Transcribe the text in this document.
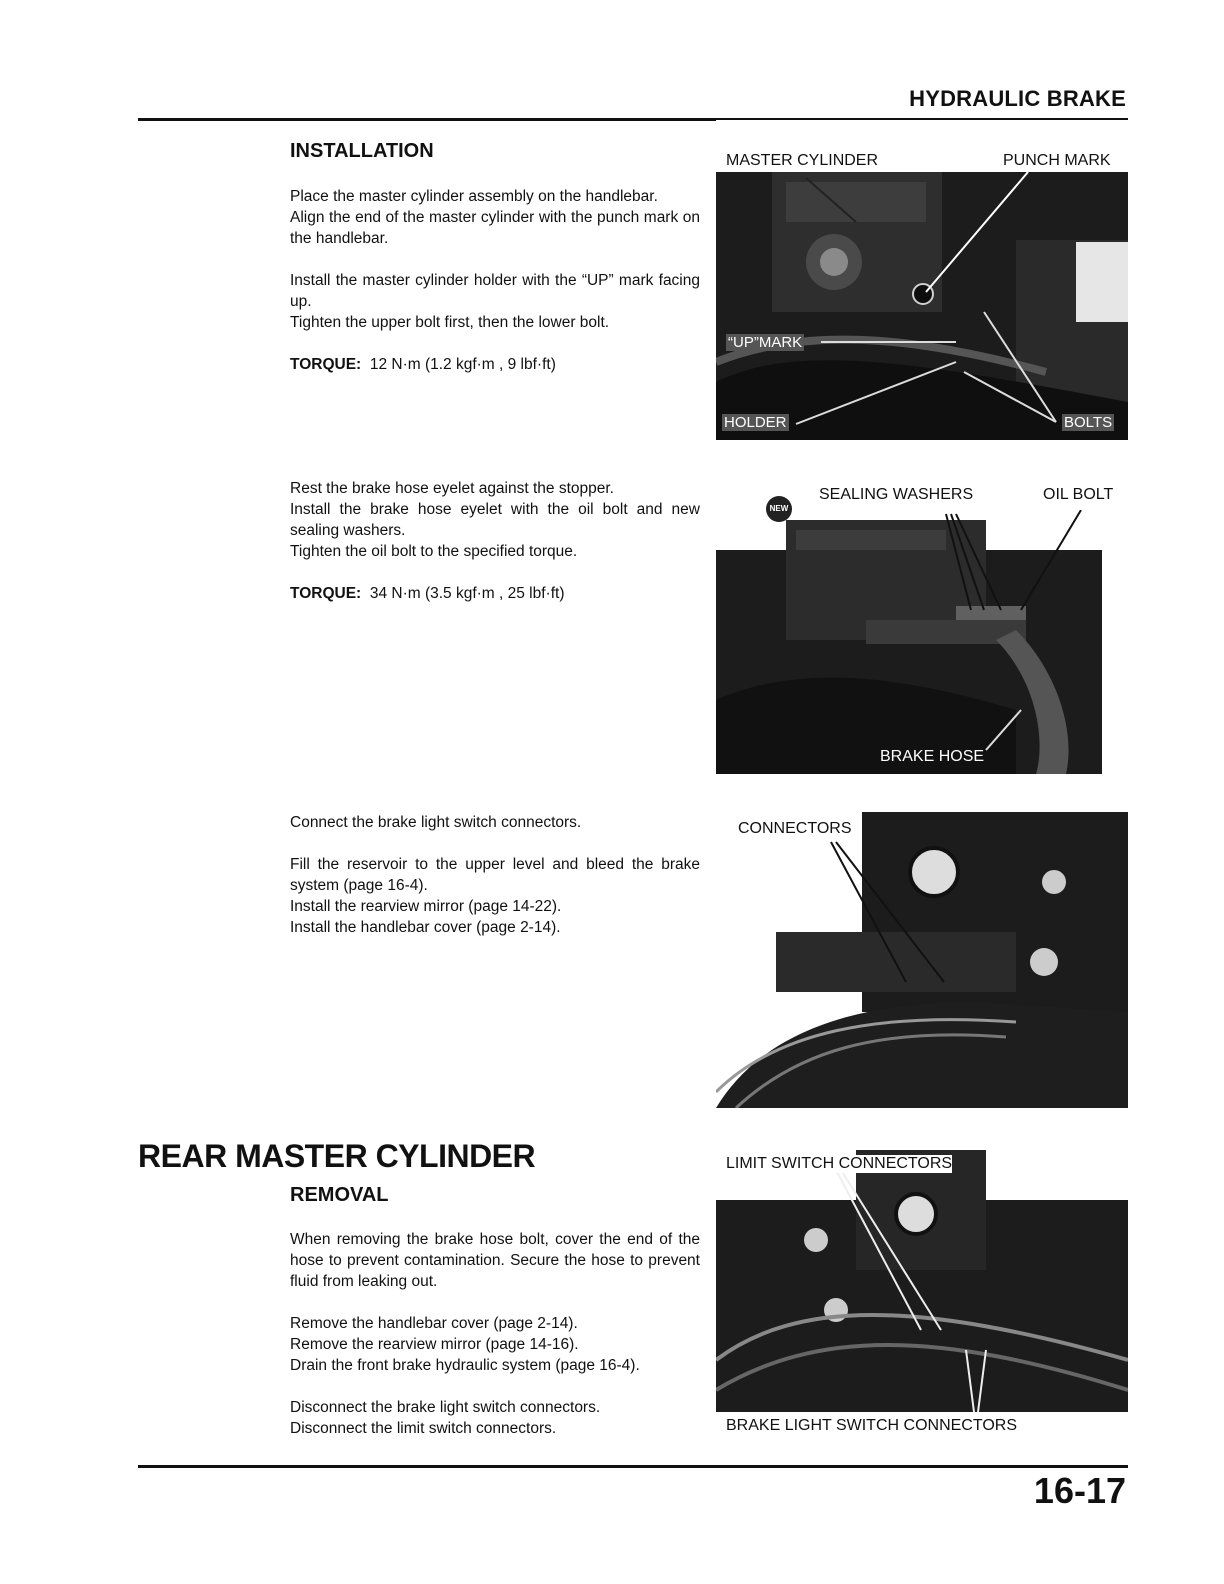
HYDRAULIC BRAKE
INSTALLATION

Place the master cylinder assembly on the handlebar.

Align the end of the master cylinder with the punch mark on the handlebar.

Install the master cylinder holder with the “UP” mark facing up.

Tighten the upper bolt first, then the lower bolt.

TORQUE: 12 N·m (1.2 kgf·m , 9 lbf·ft)

Rest the brake hose eyelet against the stopper.

Install the brake hose eyelet with the oil bolt and new sealing washers.

Tighten the oil bolt to the specified torque.

TORQUE: 34 N·m (3.5 kgf·m , 25 lbf·ft)

Connect the brake light switch connectors.

Fill the reservoir to the upper level and bleed the brake system (page 16-4).

Install the rearview mirror (page 14-22).

Install the handlebar cover (page 2-14).

REAR MASTER CYLINDER
REMOVAL

When removing the brake hose bolt, cover the end of the hose to prevent contamination. Secure the hose to prevent fluid from leaking out.

Remove the handlebar cover (page 2-14).

Remove the rearview mirror (page 14-16).

Drain the front brake hydraulic system (page 16-4).

Disconnect the brake light switch connectors.

Disconnect the limit switch connectors.

MASTER CYLINDER	PUNCH MARK
“UP”MARK
HOLDER	BOLTS
NEW
SEALING WASHERS	OIL BOLT
BRAKE HOSE
CONNECTORS
LIMIT SWITCH CONNECTORS
BRAKE LIGHT SWITCH CONNECTORS
16-17
